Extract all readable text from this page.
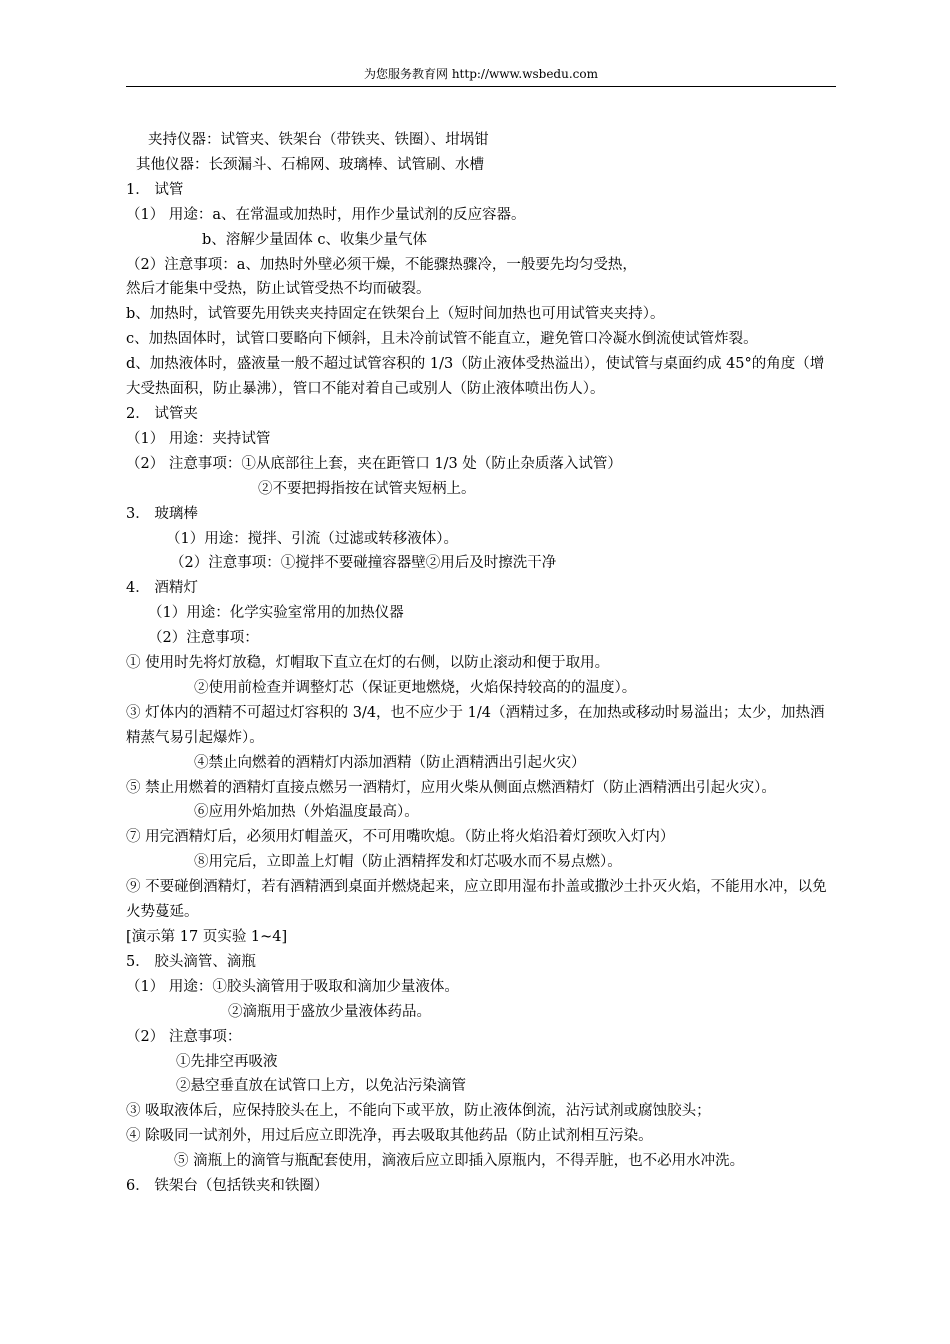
为您服务教育网 http://www.wsbedu.com
夹持仪器：试管夹、铁架台（带铁夹、铁圈）、坩埚钳
其他仪器：长颈漏斗、石棉网、玻璃棒、试管刷、水槽
1． 试管
（1） 用途：a、在常温或加热时，用作少量试剂的反应容器。
b、溶解少量固体 c、收集少量气体
（2）注意事项：a、加热时外壁必须干燥，不能骤热骤冷，一般要先均匀受热，
然后才能集中受热，防止试管受热不均而破裂。
b、加热时，试管要先用铁夹夹持固定在铁架台上（短时间加热也可用试管夹夹持）。
c、加热固体时，试管口要略向下倾斜，且未冷前试管不能直立，避免管口冷凝水倒流使试管炸裂。
d、加热液体时，盛液量一般不超过试管容积的 1/3（防止液体受热溢出），使试管与桌面约成 45°的角度（增大受热面积，防止暴沸），管口不能对着自己或别人（防止液体喷出伤人）。
2． 试管夹
（1） 用途：夹持试管
（2） 注意事项：①从底部往上套，夹在距管口 1/3 处（防止杂质落入试管）
②不要把拇指按在试管夹短柄上。
3． 玻璃棒
（1）用途：搅拌、引流（过滤或转移液体）。
（2）注意事项：①搅拌不要碰撞容器壁②用后及时擦洗干净
4． 酒精灯
（1）用途：化学实验室常用的加热仪器
（2）注意事项：
① 使用时先将灯放稳，灯帽取下直立在灯的右侧，以防止滚动和便于取用。
②使用前检查并调整灯芯（保证更地燃烧，火焰保持较高的的温度）。
③ 灯体内的酒精不可超过灯容积的 3/4，也不应少于 1/4（酒精过多，在加热或移动时易溢出；太少，加热酒精蒸气易引起爆炸）。
④禁止向燃着的酒精灯内添加酒精（防止酒精洒出引起火灾）
⑤ 禁止用燃着的酒精灯直接点燃另一酒精灯，应用火柴从侧面点燃酒精灯（防止酒精洒出引起火灾）。
⑥应用外焰加热（外焰温度最高）。
⑦ 用完酒精灯后，必须用灯帽盖灭，不可用嘴吹熄。（防止将火焰沿着灯颈吹入灯内）
⑧用完后，立即盖上灯帽（防止酒精挥发和灯芯吸水而不易点燃）。
⑨ 不要碰倒酒精灯，若有酒精洒到桌面并燃烧起来，应立即用湿布扑盖或撒沙土扑灭火焰，不能用水冲，以免火势蔓延。
[演示第 17 页实验 1~4]
5． 胶头滴管、滴瓶
（1） 用途：①胶头滴管用于吸取和滴加少量液体。
②滴瓶用于盛放少量液体药品。
（2） 注意事项：
①先排空再吸液
②悬空垂直放在试管口上方，以免沾污染滴管
③ 吸取液体后，应保持胶头在上，不能向下或平放，防止液体倒流，沾污试剂或腐蚀胶头；
④ 除吸同一试剂外，用过后应立即洗净，再去吸取其他药品（防止试剂相互污染。
⑤ 滴瓶上的滴管与瓶配套使用，滴液后应立即插入原瓶内，不得弄脏，也不必用水冲洗。
6． 铁架台（包括铁夹和铁圈）
